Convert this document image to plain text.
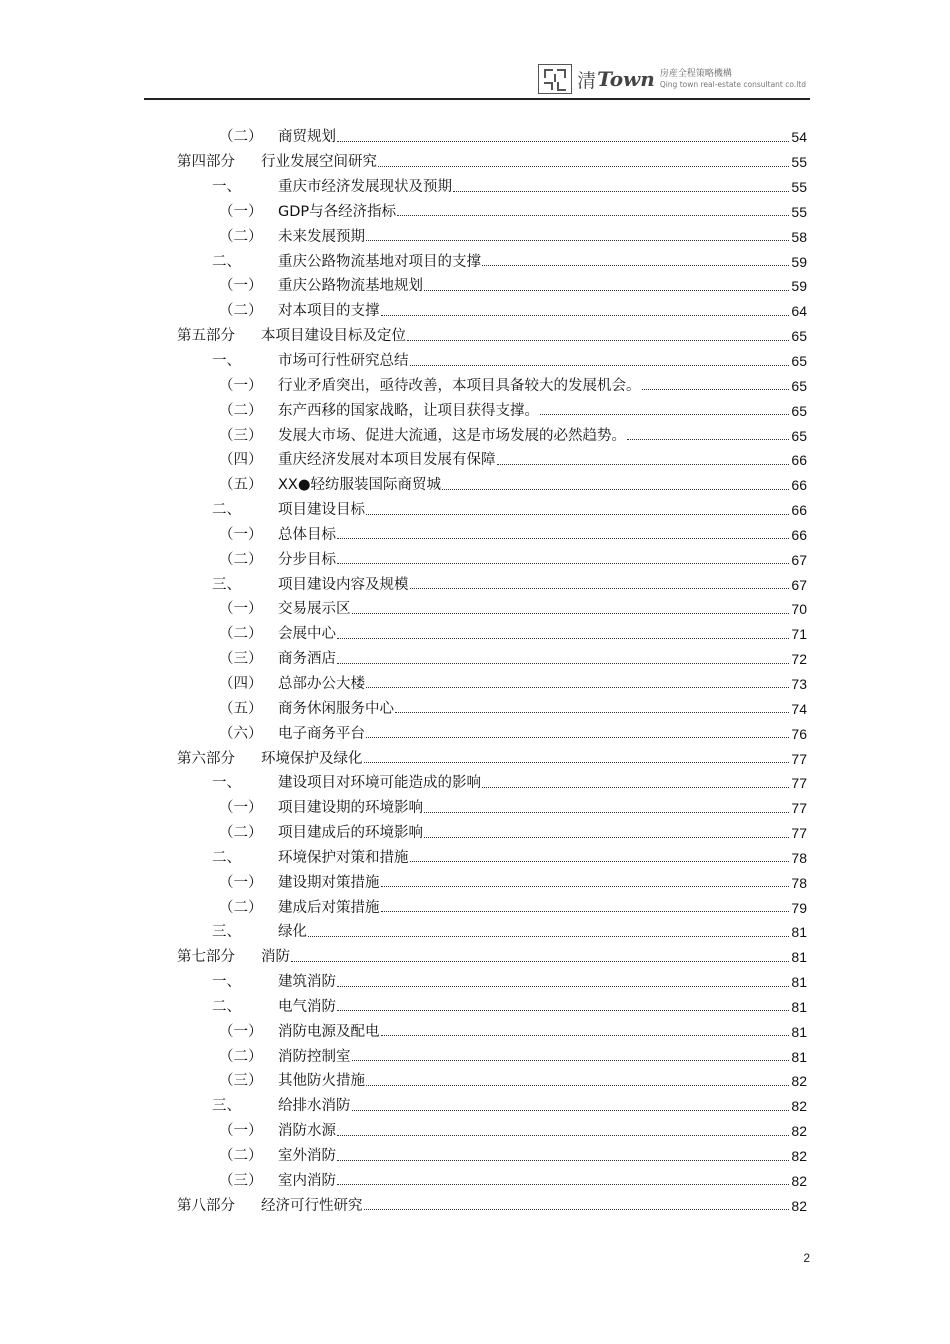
清 Town 房産全程策略機構
Qing town real-estate consultant co.ltd
（二）	商贸规划	54
第四部分	行业发展空间研究	55
一、	重庆市经济发展现状及预期	55
（一）	GDP与各经济指标	55
（二）	未来发展预期	58
二、	重庆公路物流基地对项目的支撑	59
（一）	重庆公路物流基地规划	59
（二）	对本项目的支撑	64
第五部分	本项目建设目标及定位	65
一、	市场可行性研究总结	65
（一）	行业矛盾突出，亟待改善，本项目具备较大的发展机会。	65
（二）	东产西移的国家战略，让项目获得支撑。	65
（三）	发展大市场、促进大流通，这是市场发展的必然趋势。	65
（四）	重庆经济发展对本项目发展有保障	66
（五）	XX●轻纺服装国际商贸城	66
二、	项目建设目标	66
（一）	总体目标	66
（二）	分步目标	67
三、	项目建设内容及规模	67
（一）	交易展示区	70
（二）	会展中心	71
（三）	商务酒店	72
（四）	总部办公大楼	73
（五）	商务休闲服务中心	74
（六）	电子商务平台	76
第六部分	环境保护及绿化	77
一、	建设项目对环境可能造成的影响	77
（一）	项目建设期的环境影响	77
（二）	项目建成后的环境影响	77
二、	环境保护对策和措施	78
（一）	建设期对策措施	78
（二）	建成后对策措施	79
三、	绿化	81
第七部分	消防	81
一、	建筑消防	81
二、	电气消防	81
（一）	消防电源及配电	81
（二）	消防控制室	81
（三）	其他防火措施	82
三、	给排水消防	82
（一）	消防水源	82
（二）	室外消防	82
（三）	室内消防	82
第八部分	经济可行性研究	82
2
